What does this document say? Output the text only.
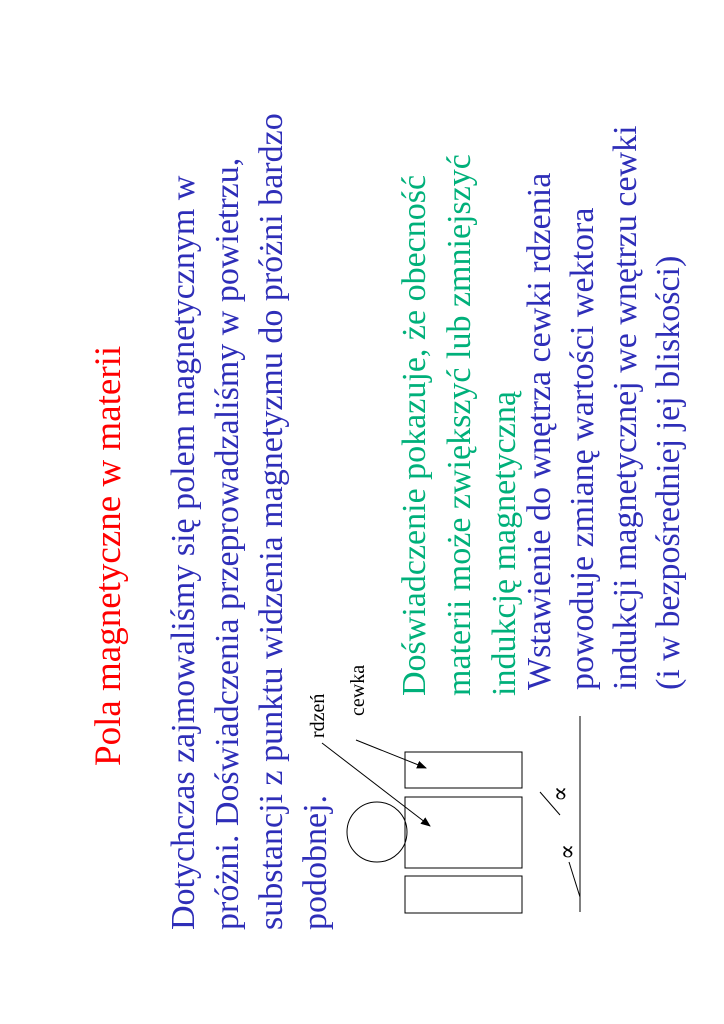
Pola magnetyczne w materii Dotychczas zajmowaliśmy się polem magnetycznym w próżni. Doświadczenia przeprowadzaliśmy w powietrzu, substancji z punktu widzenia magnetyzmu do próżni bardzo podobnej.
Doświadczenie pokazuje, że obecność materii może zwiększyć lub zmniejszyć indukcję magnetyczną
Wstawienie do wnętrza cewki rdzenia powoduje zmianę wartości wektora indukcji magnetycznej we wnętrzu cewki (i w bezpośredniej jej bliskości)
rdzeń cewka
∝
∝
